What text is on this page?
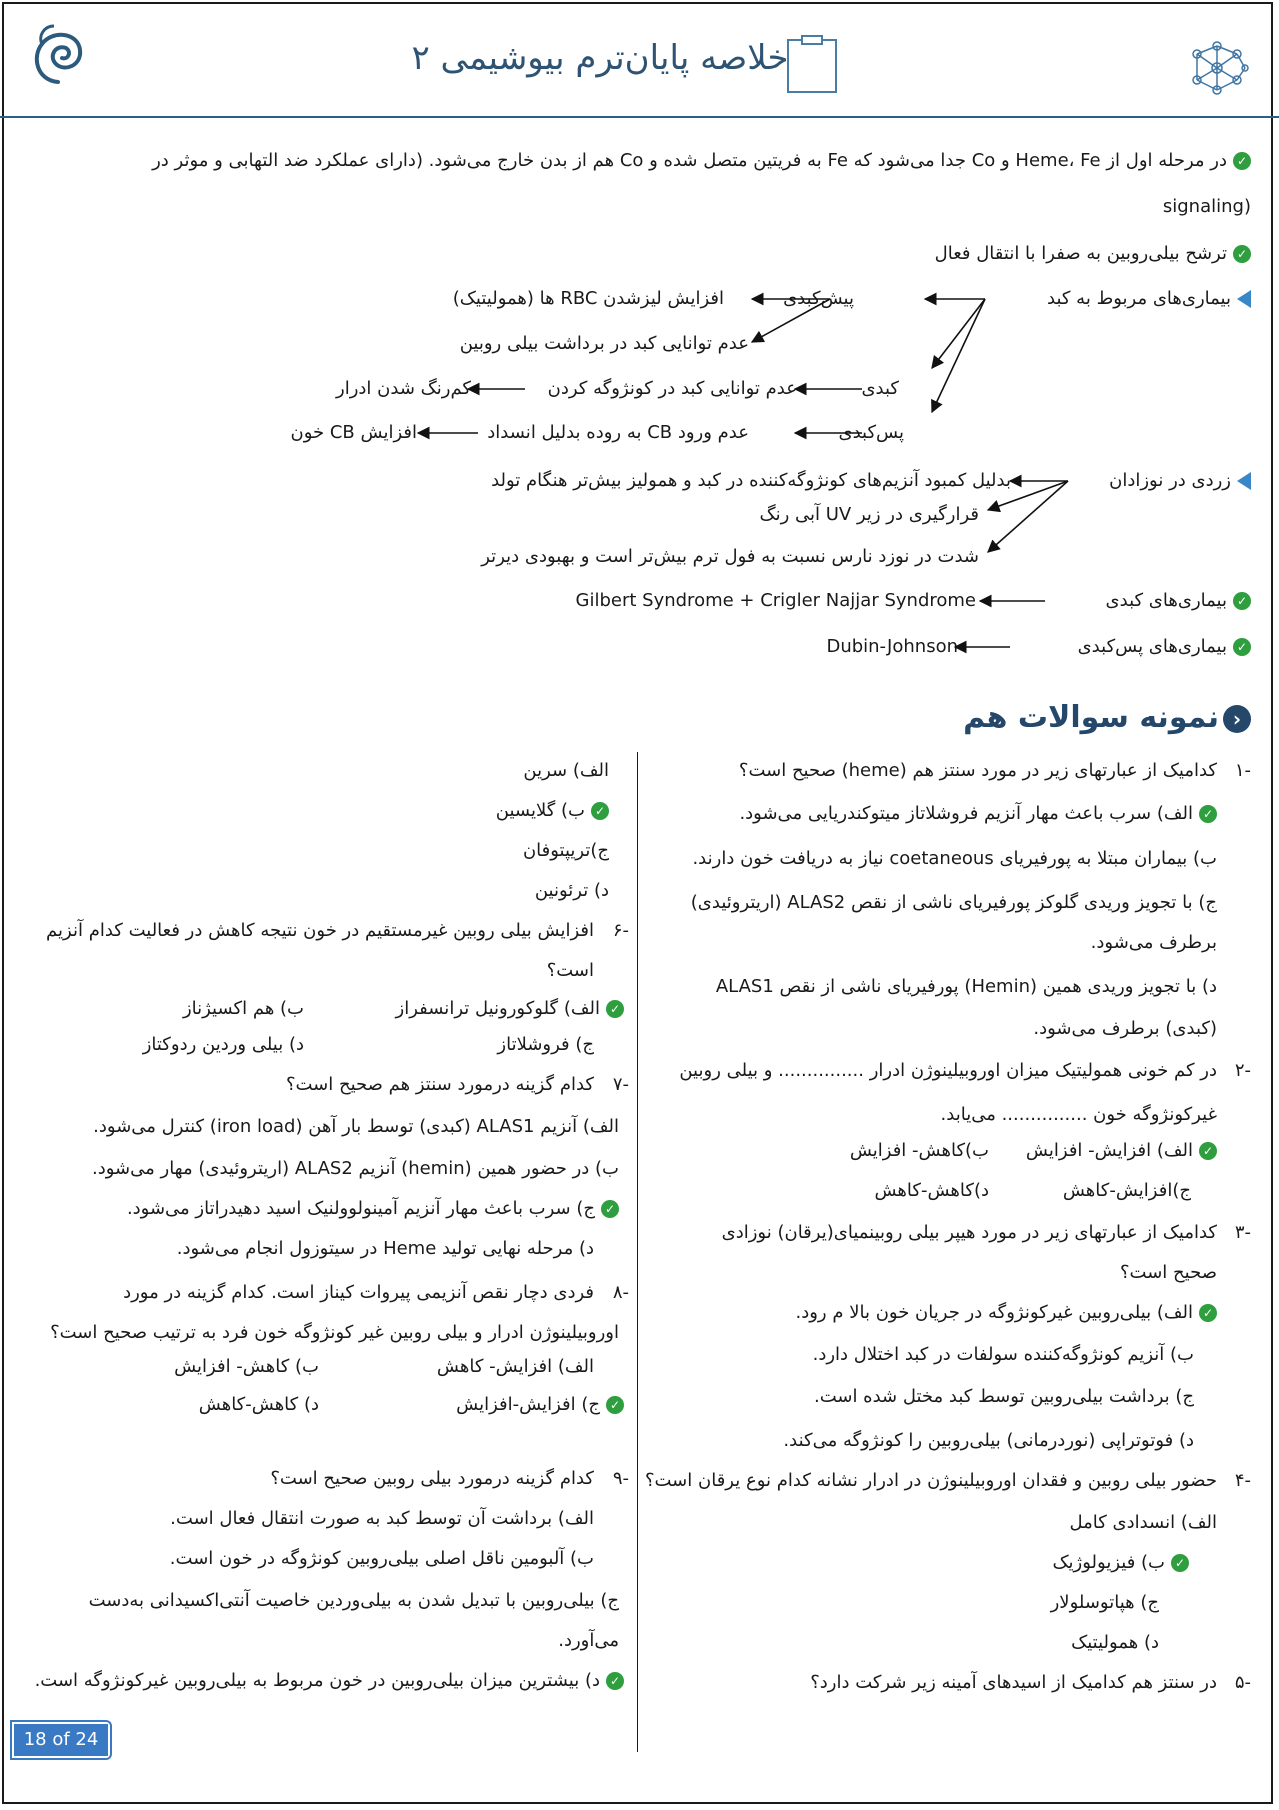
خلاصه پایان‌ترم بیوشیمی ۲
✓در مرحله اول از Heme، Fe و Co جدا می‌شود که Fe به فریتین متصل شده و Co هم از بدن خارج می‌شود. (دارای عملکرد ضد التهابی و موثر در
(signaling
✓ترشح بیلی‌روبین به صفرا با انتقال فعال
بیماری‌های مربوط به کبد
پیش‌کبدی
افزایش لیزشدن RBC ها (همولیتیک)
عدم توانایی کبد در برداشت بیلی روبین
کبدی
عدم توانایی کبد در کونژوگه کردن
کم‌رنگ شدن ادرار
پس‌کبدی
عدم ورود CB به روده بدلیل انسداد
افزایش CB خون
زردی در نوزادان
بدلیل کمبود آنزیم‌های کونژوگه‌کننده در کبد و همولیز بیش‌تر هنگام تولد
قرارگیری در زیر UV آبی رنگ
شدت در نوزد نارس نسبت به فول ترم بیش‌تر است و بهبودی دیرتر
✓بیماری‌های کبدی
Gilbert Syndrome + Crigler Najjar Syndrome
✓بیماری‌های پس‌کبدی
Dubin-Johnson
‹نمونه سوالات هم
-۱
کدامیک از عبارتهای زیر در مورد سنتز هم (heme) صحیح است؟
✓الف) سرب باعث مهار آنزیم فروشلاتاز میتوکندریایی می‌شود.
ب) بیماران مبتلا به پورفیریای coetaneous نیاز به دریافت خون دارند.
ج) با تجویز وریدی گلوکز پورفیریای ناشی از نقص ALAS2 (اریتروئیدی)
برطرف می‌شود.
د) با تجویز وریدی همین (Hemin) پورفیریای ناشی از نقص ALAS1
(کبدی) برطرف می‌شود.
-۲
در کم خونی همولیتیک میزان اوروبیلینوژن ادرار ............... و بیلی روبین
غیرکونژوگه خون ............... می‌یابد.
✓الف) افزایش- افزایش
ب)کاهش- افزایش
ج)افزایش-کاهش
د)کاهش-کاهش
-۳
کدامیک از عبارتهای زیر در مورد هیپر بیلی روبینمیای(یرقان) نوزادی
صحیح است؟
✓الف) بیلی‌روبین غیرکونژوگه در جریان خون بالا م رود.
ب) آنزیم کونژوگه‌کننده سولفات در کبد اختلال دارد.
ج) برداشت بیلی‌روبین توسط کبد مختل شده است.
د) فوتوتراپی (نوردرمانی) بیلی‌روبین را کونژوگه می‌کند.
-۴
حضور بیلی روبین و فقدان اوروبیلینوژن در ادرار نشانه کدام نوع یرقان است؟
الف) انسدادی کامل
✓ب) فیزیولوژیک
ج) هپاتوسلولار
د) همولیتیک
-۵
در سنتز هم کدامیک از اسیدهای آمینه زیر شرکت دارد؟
الف) سرین
✓ب) گلایسین
ج)تریپتوفان
د) ترئونین
-۶
افزایش بیلی روبین غیرمستقیم در خون نتیجه کاهش در فعالیت کدام آنزیم
است؟
✓الف) گلوکورونیل ترانسفراز
ب) هم اکسیژناز
ج) فروشلاتاز
د) بیلی وردین ردوکتاز
-۷
کدام گزینه درمورد سنتز هم صحیح است؟
الف) آنزیم ALAS1 (کبدی) توسط بار آهن (iron load) کنترل می‌شود.
ب) در حضور همین (hemin) آنزیم ALAS2 (اریتروئیدی) مهار می‌شود.
✓ج) سرب باعث مهار آنزیم آمینولوولنیک اسید دهیدراتاز می‌شود.
د) مرحله نهایی تولید Heme در سیتوزول انجام می‌شود.
-۸
فردی دچار نقص آنزیمی پیروات کیناز است. کدام گزینه در مورد
اوروبیلینوژن ادرار و بیلی روبین غیر کونژوگه خون فرد به ترتیب صحیح است؟
الف) افزایش- کاهش
ب) کاهش- افزایش
✓ج) افزایش-افزایش
د) کاهش-کاهش
-۹
کدام گزینه درمورد بیلی روبین صحیح است؟
الف) برداشت آن توسط کبد به صورت انتقال فعال است.
ب) آلبومین ناقل اصلی بیلی‌روبین کونژوگه در خون است.
ج) بیلی‌روبین با تبدیل شدن به بیلی‌وردین خاصیت آنتی‌اکسیدانی به‌دست
می‌آورد.
✓د) بیشترین میزان بیلی‌روبین در خون مربوط به بیلی‌روبین غیرکونژوگه است.
18 of 24
